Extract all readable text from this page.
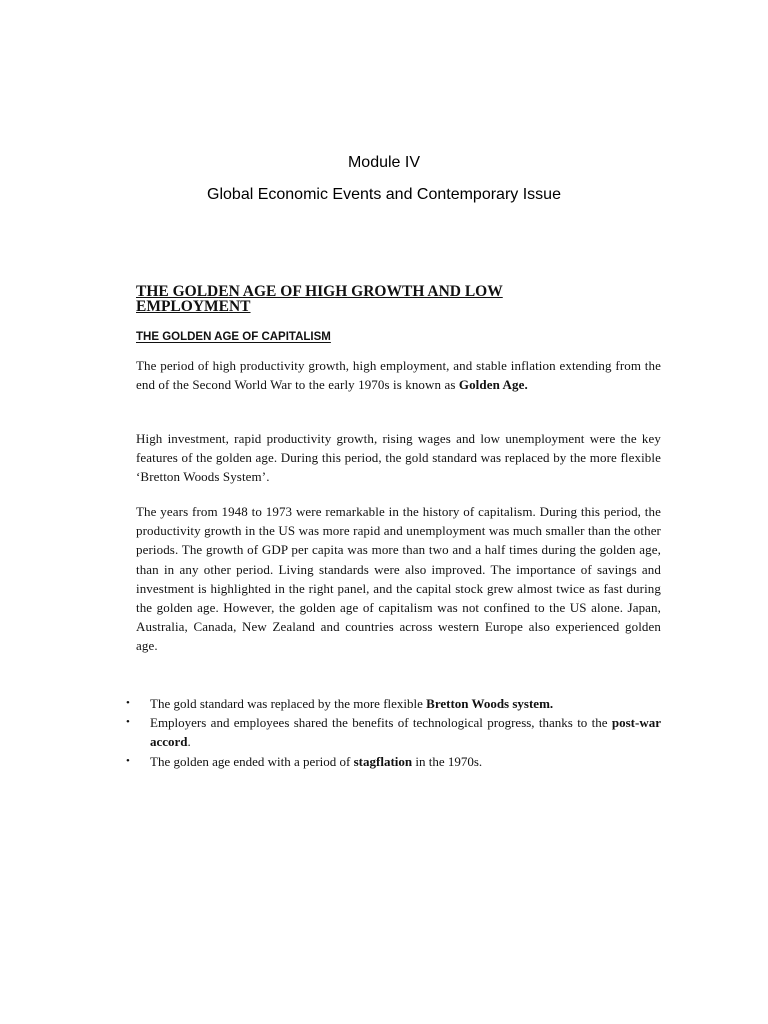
Module IV
Global Economic Events and Contemporary Issue
THE GOLDEN AGE OF HIGH GROWTH AND LOW EMPLOYMENT
THE GOLDEN AGE OF CAPITALISM

The period of high productivity growth, high employment, and stable inflation extending from the end of the Second World War to the early 1970s is known as Golden Age.

High investment, rapid productivity growth, rising wages and low unemployment were the key features of the golden age. During this period, the gold standard was replaced by the more flexible ‘Bretton Woods System’.

The years from 1948 to 1973 were remarkable in the history of capitalism. During this period, the productivity growth in the US was more rapid and unemployment was much smaller than the other periods. The growth of GDP per capita was more than two and a half times during the golden age, than in any other period. Living standards were also improved. The importance of savings and investment is highlighted in the right panel, and the capital stock grew almost twice as fast during the golden age. However, the golden age of capitalism was not confined to the US alone. Japan, Australia, Canada, New Zealand and countries across western Europe also experienced golden age.

• The gold standard was replaced by the more flexible Bretton Woods system.
• Employers and employees shared the benefits of technological progress, thanks to the post-war accord.
• The golden age ended with a period of stagflation in the 1970s.
